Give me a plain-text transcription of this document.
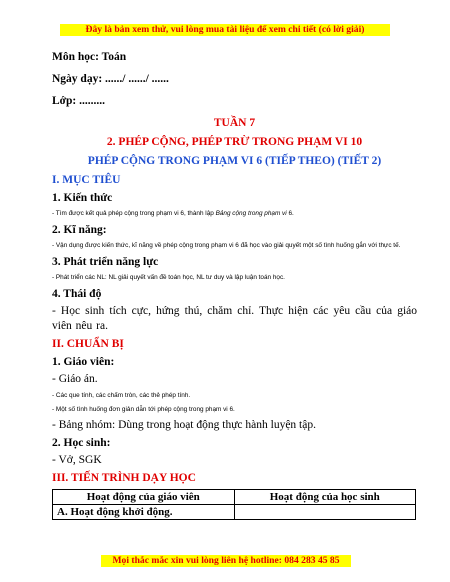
Đây là bản xem thử, vui lòng mua tài liệu để xem chi tiết (có lời giải)

Môn học: Toán

Ngày dạy: ....../ ....../ ......

Lớp: .........

TUẦN 7

2. PHÉP CỘNG, PHÉP TRỪ TRONG PHẠM VI 10

PHÉP CỘNG TRONG PHẠM VI 6 (TIẾP THEO) (TIẾT 2)

I. MỤC TIÊU

1. Kiến thức

- Tìm được kết quả phép cộng trong phạm vi 6, thành lập Bảng cộng trong phạm vi 6.

2. Kĩ năng:

- Vận dụng được kiến thức, kĩ năng về phép cộng trong phạm vi 6 đã học vào giải quyết một số tình huống gắn với thực tế.

3. Phát triển năng lực

- Phát triển các NL: NL giải quyết vấn đề toán học, NL tư duy và lập luận toán học.

4. Thái độ

- Học sinh tích cực, hứng thú, chăm chỉ. Thực hiện các yêu cầu của giáo viên nêu ra.

II. CHUẨN BỊ

1. Giáo viên:

- Giáo án.

- Các que tính, các chấm tròn, các thẻ phép tính.

- Một số tình huống đơn giản dẫn tới phép cộng trong phạm vi 6.

- Bảng nhóm: Dùng trong hoạt động thực hành luyện tập.

2. Học sinh:

- Vở, SGK

III. TIẾN TRÌNH DẠY HỌC

Hoạt động của giáo viên	Hoạt động của học sinh
A. Hoạt động khởi động.	
Mọi thắc mắc xin vui lòng liên hệ hotline: 084 283 45 85
